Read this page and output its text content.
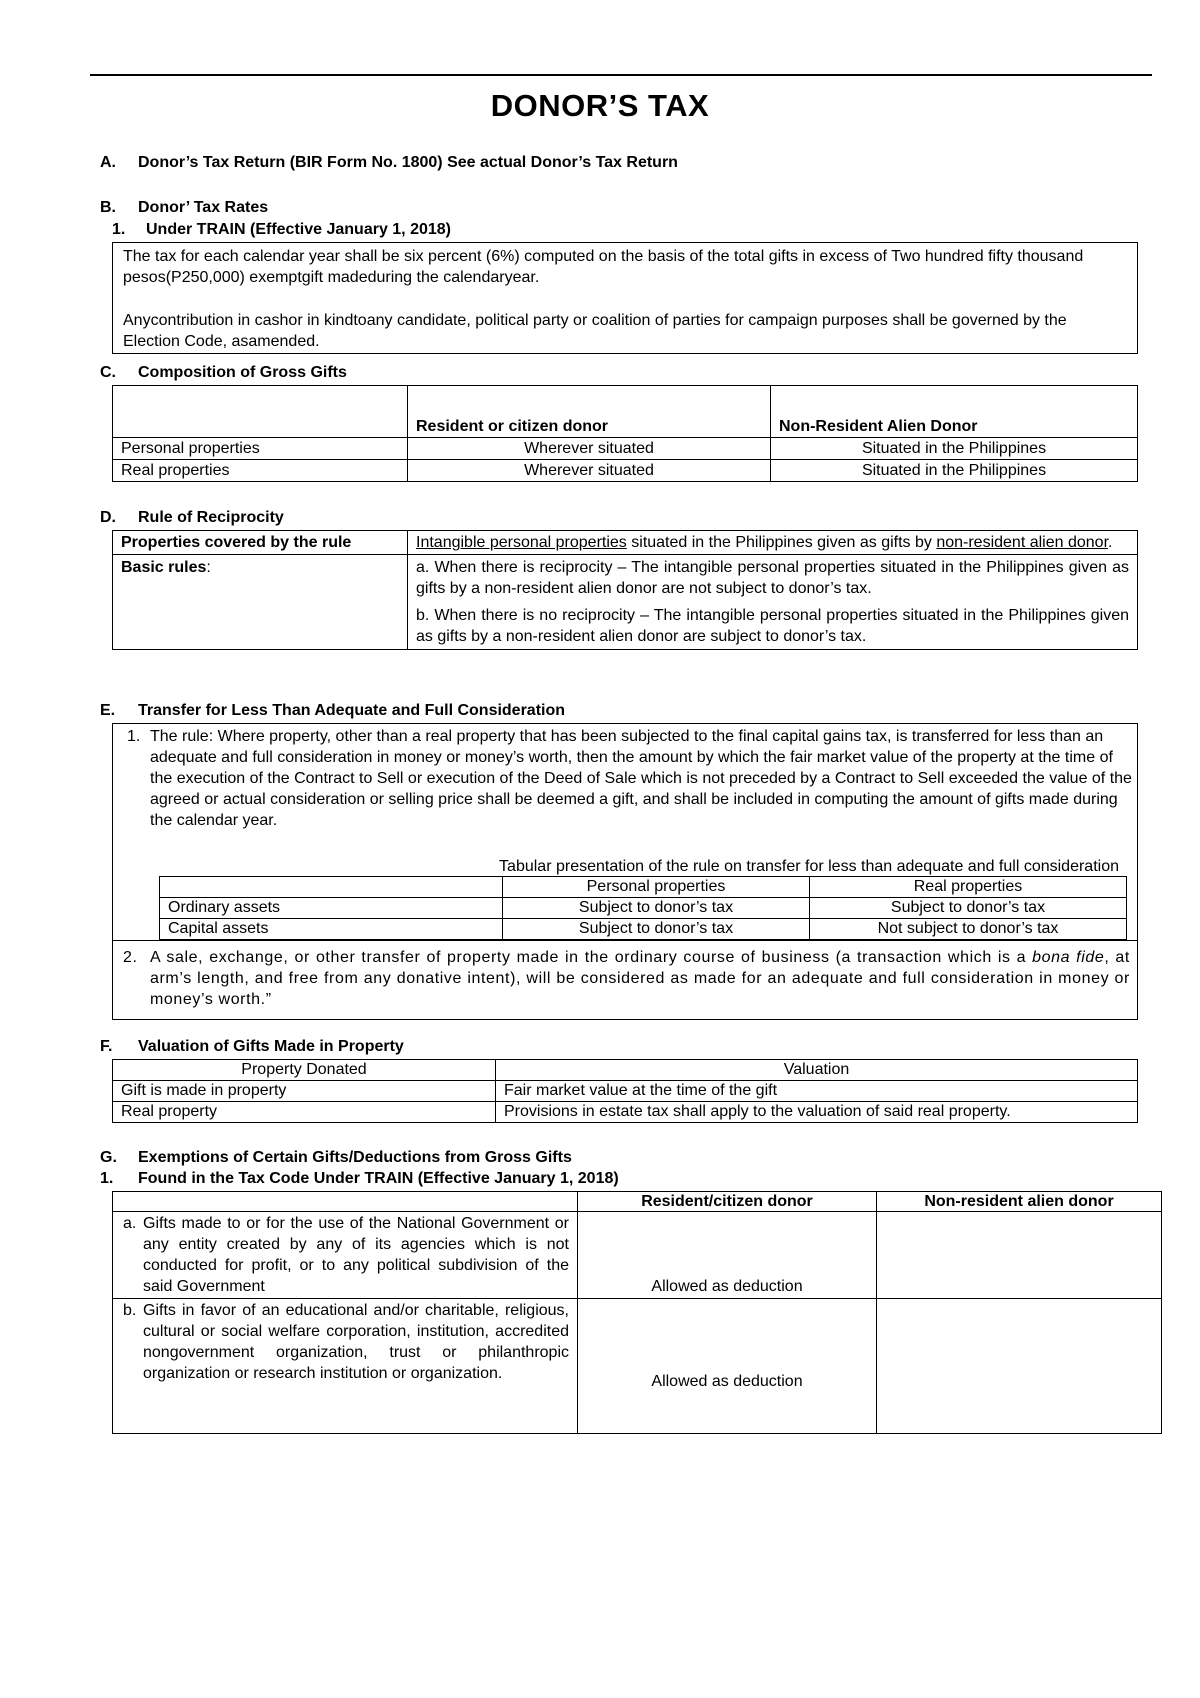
DONOR’S TAX
A. Donor’s Tax Return (BIR Form No. 1800) See actual Donor’s Tax Return
B. Donor’ Tax Rates
1. Under TRAIN (Effective January 1, 2018)
The tax for each calendar year shall be six percent (6%) computed on the basis of the total gifts in excess of Two hundred fifty thousand pesos(P250,000) exemptgift madeduring the calendaryear.
Anycontribution in cashor in kindtoany candidate, political party or coalition of parties for campaign purposes shall be governed by the Election Code, asamended.
C. Composition of Gross Gifts
	Resident or citizen donor	Non-Resident Alien Donor
Personal properties	Wherever situated	Situated in the Philippines
Real properties	Wherever situated	Situated in the Philippines
D. Rule of Reciprocity
Properties covered by the rule	Intangible personal properties situated in the Philippines given as gifts by non-resident alien donor.
Basic rules:	a. When there is reciprocity – The intangible personal properties situated in the Philippines given as gifts by a non-resident alien donor are not subject to donor’s tax.
b. When there is no reciprocity – The intangible personal properties situated in the Philippines given as gifts by a non-resident alien donor are subject to donor’s tax.
E. Transfer for Less Than Adequate and Full Consideration
1. The rule: Where property, other than a real property that has been subjected to the final capital gains tax, is transferred for less than an adequate and full consideration in money or money’s worth, then the amount by which the fair market value of the property at the time of the execution of the Contract to Sell or execution of the Deed of Sale which is not preceded by a Contract to Sell exceeded the value of the agreed or actual consideration or selling price shall be deemed a gift, and shall be included in computing the amount of gifts made during the calendar year.
Tabular presentation of the rule on transfer for less than adequate and full consideration
	Personal properties	Real properties
Ordinary assets	Subject to donor’s tax	Subject to donor’s tax
Capital assets	Subject to donor’s tax	Not subject to donor’s tax
2. A sale, exchange, or other transfer of property made in the ordinary course of business (a transaction which is a bona fide, at arm’s length, and free from any donative intent), will be considered as made for an adequate and full consideration in money or money’s worth.”
F. Valuation of Gifts Made in Property
Property Donated	Valuation
Gift is made in property	Fair market value at the time of the gift
Real property	Provisions in estate tax shall apply to the valuation of said real property.
G. Exemptions of Certain Gifts/Deductions from Gross Gifts
1. Found in the Tax Code Under TRAIN (Effective January 1, 2018)
	Resident/citizen donor	Non-resident alien donor

a. Gifts made to or for the use of the National Government or any entity created by any of its agencies which is not conducted for profit, or to any political subdivision of the said Government	Allowed as deduction	

b. Gifts in favor of an educational and/or charitable, religious, cultural or social welfare corporation, institution, accredited nongovernment organization, trust or philanthropic organization or research institution or organization.	Allowed as deduction	
